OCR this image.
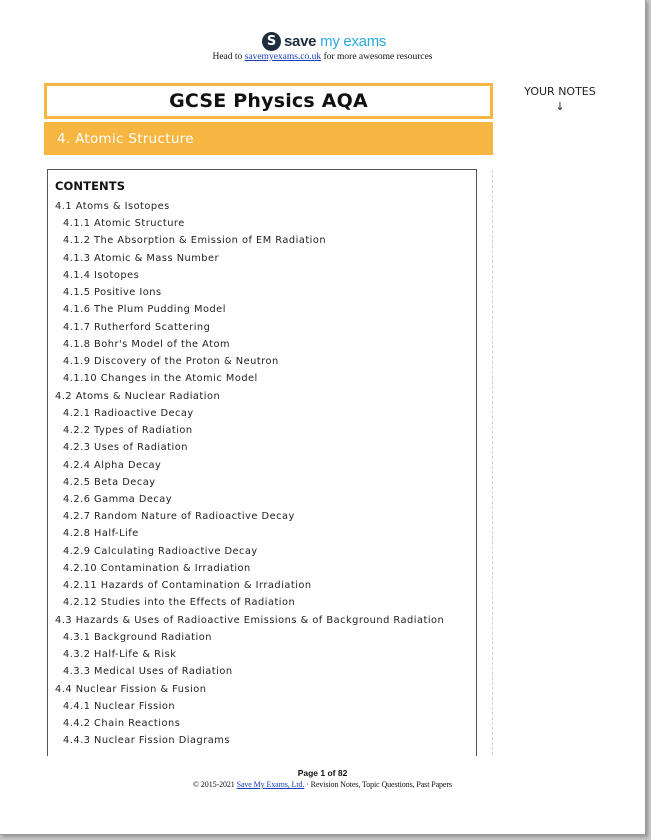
S save my exams
Head to savemyexams.co.uk for more awesome resources
GCSE Physics AQA
4. Atomic Structure
YOUR NOTES
↓
CONTENTS
4.1 Atoms & Isotopes
4.1.1 Atomic Structure
4.1.2 The Absorption & Emission of EM Radiation
4.1.3 Atomic & Mass Number
4.1.4 Isotopes
4.1.5 Positive Ions
4.1.6 The Plum Pudding Model
4.1.7 Rutherford Scattering
4.1.8 Bohr's Model of the Atom
4.1.9 Discovery of the Proton & Neutron
4.1.10 Changes in the Atomic Model
4.2 Atoms & Nuclear Radiation
4.2.1 Radioactive Decay
4.2.2 Types of Radiation
4.2.3 Uses of Radiation
4.2.4 Alpha Decay
4.2.5 Beta Decay
4.2.6 Gamma Decay
4.2.7 Random Nature of Radioactive Decay
4.2.8 Half-Life
4.2.9 Calculating Radioactive Decay
4.2.10 Contamination & Irradiation
4.2.11 Hazards of Contamination & Irradiation
4.2.12 Studies into the Effects of Radiation
4.3 Hazards & Uses of Radioactive Emissions & of Background Radiation
4.3.1 Background Radiation
4.3.2 Half-Life & Risk
4.3.3 Medical Uses of Radiation
4.4 Nuclear Fission & Fusion
4.4.1 Nuclear Fission
4.4.2 Chain Reactions
4.4.3 Nuclear Fission Diagrams
Page 1 of 82
© 2015-2021 Save My Exams, Ltd. · Revision Notes, Topic Questions, Past Papers
